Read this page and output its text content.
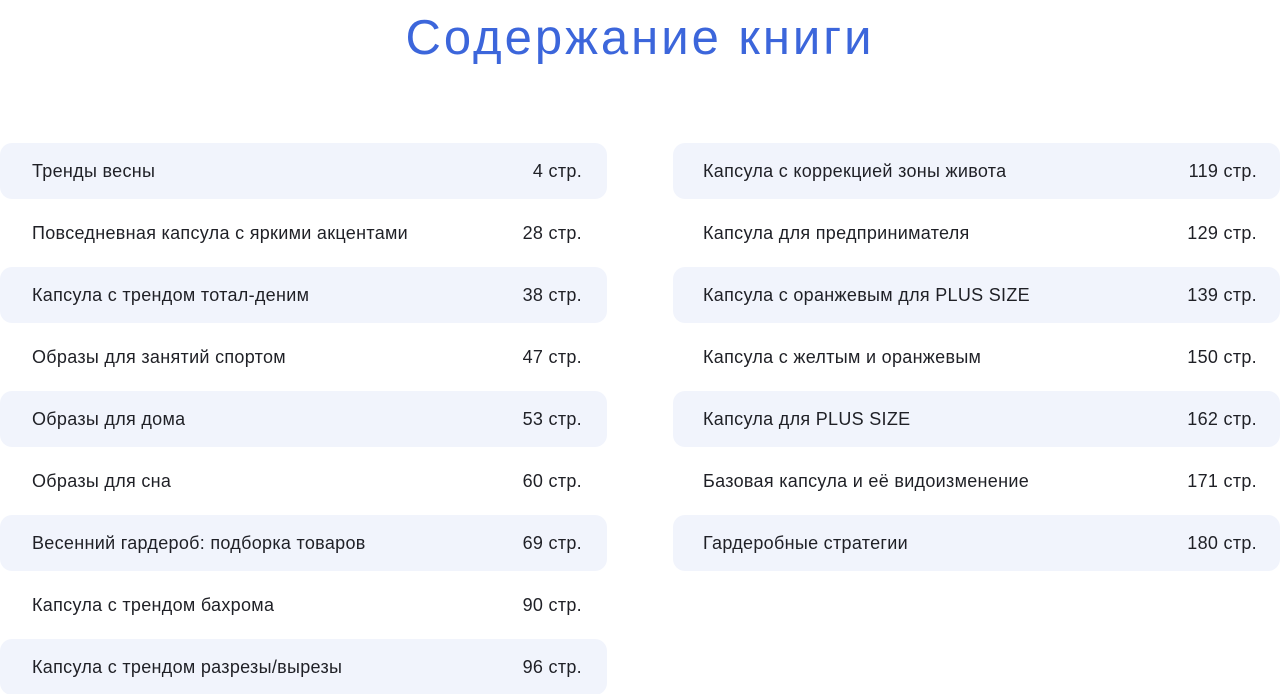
Содержание книги
Тренды весны	4 стр.
Повседневная капсула с яркими акцентами	28 стр.
Капсула с трендом тотал-деним	38 стр.
Образы для занятий спортом	47 стр.
Образы для дома	53 стр.
Образы для сна	60 стр.
Весенний гардероб: подборка товаров	69 стр.
Капсула с трендом бахрома	90 стр.
Капсула с трендом разрезы/вырезы	96 стр.
Капсула с коррекцией зоны живота	119 стр.
Капсула для предпринимателя	129 стр.
Капсула с оранжевым для PLUS SIZE	139 стр.
Капсула с желтым и оранжевым	150 стр.
Капсула для PLUS SIZE	162 стр.
Базовая капсула и её видоизменение	171 стр.
Гардеробные стратегии	180 стр.
